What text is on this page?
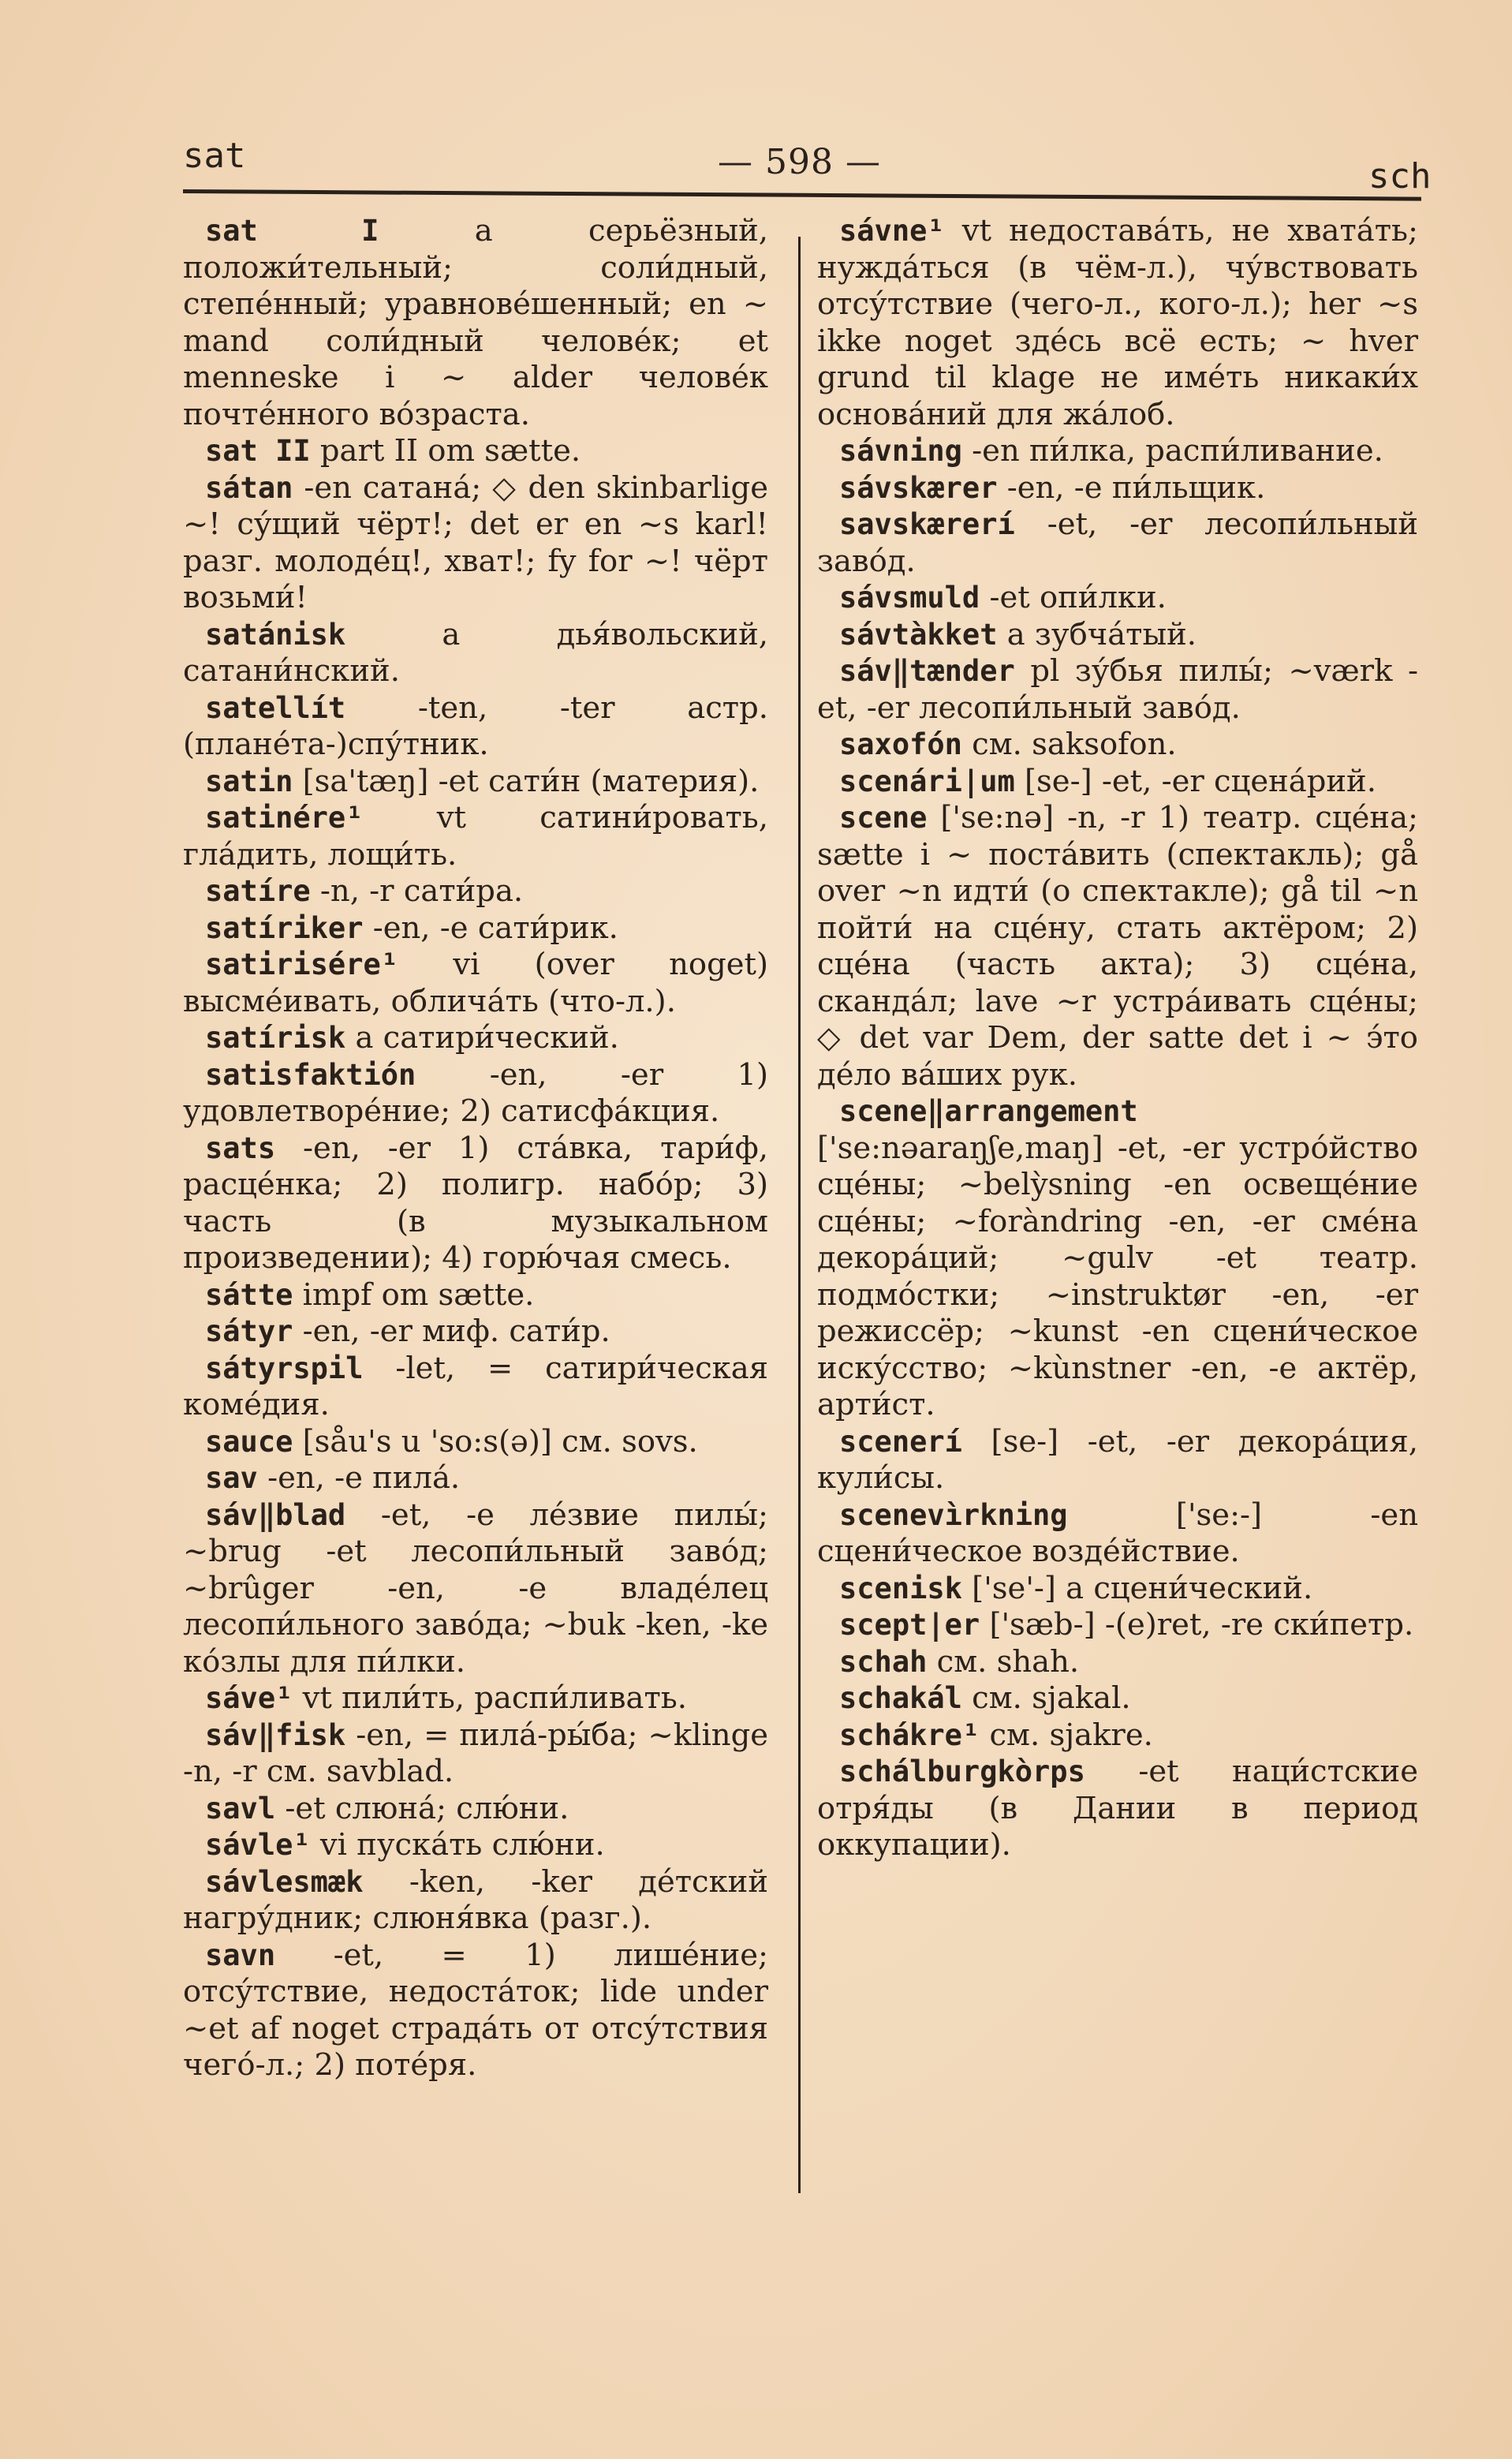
sat	— 598 —	sch

sat I a серьёзный, положи́тельный; соли́дный, степе́нный; уравнове́шенный; en ~ mand соли́дный челове́к; et menneske i ~ alder челове́к почте́нного во́зраста.

sat II part II om sætte.

sátan -en сатана́; ◇ den skinbarlige ~! су́щий чёрт!; det er en ~s karl! разг. молоде́ц!, хват!; fy for ~! чёрт возьми́!

satánisk a дья́вольский, сатани́нский.

satellít -ten, -ter астр. (плане́та-)спу́тник.

satin [sa'tæŋ] -et сати́н (материя).

satinére¹ vt сатини́ровать, гла́дить, лощи́ть.

satíre -n, -r сати́ра.

satíriker -en, -e сати́рик.

satirisére¹ vi (over noget) высме́ивать, облича́ть (что-л.).

satírisk a сатири́ческий.

satisfaktión -en, -er 1) удовлетворе́ние; 2) сатисфа́кция.

sats -en, -er 1) ста́вка, тари́ф, расце́нка; 2) полигр. набо́р; 3) часть (в музыкальном произведении); 4) горю́чая смесь.

sátte impf om sætte.

sátyr -en, -er миф. сати́р.

sátyrspil -let, = сатири́ческая коме́дия.

sauce [såu's u 'so:s(ə)] см. sovs.

sav -en, -e пила́.

sáv‖blad -et, -e ле́звие пилы́; ~brug -et лесопи́льный заво́д; ~brûger -en, -e владе́лец лесопи́льного заво́да; ~buk -ken, -ke ко́злы для пи́лки.

sáve¹ vt пили́ть, распи́ливать.

sáv‖fisk -en, = пила́-ры́ба; ~klinge -n, -r см. savblad.

savl -et слюна́; слю́ни.

sávle¹ vi пуска́ть слю́ни.

sávlesmæk -ken, -ker де́тский нагру́дник; слюня́вка (разг.).

savn -et, = 1) лише́ние; отсу́тствие, недоста́ток; lide under ~et af noget страда́ть от отсу́тствия чего́-л.; 2) поте́ря.

sávne¹ vt недостава́ть, не хвата́ть; нужда́ться (в чём-л.), чу́вствовать отсу́тствие (чего-л., кого-л.); her ~s ikke noget зде́сь всё есть; ~ hver grund til klage не име́ть никаки́х основа́ний для жа́лоб.

sávning -en пи́лка, распи́ливание.

sávskærer -en, -e пи́льщик.

savskærerí -et, -er лесопи́льный заво́д.

sávsmuld -et опи́лки.

sávtàkket a зубча́тый.

sáv‖tænder pl зу́бья пилы́; ~værk -et, -er лесопи́льный заво́д.

saxofón см. saksofon.

scenári|um [se-] -et, -er сцена́рий.

scene ['se:nə] -n, -r 1) театр. сце́на; sætte i ~ поста́вить (спектакль); gå over ~n идти́ (о спектакле); gå til ~n пойти́ на сце́ну, стать актёром; 2) сце́на (часть акта); 3) сце́на, сканда́л; lave ~r устра́ивать сце́ны; ◇ det var Dem, der satte det i ~ э́то де́ло ва́ших рук.

scene‖arrangement ['se:nəaraŋʃe,maŋ] -et, -er устро́йство сце́ны; ~belỳsning -en освеще́ние сце́ны; ~foràndring -en, -er сме́на декора́ций; ~gulv -et театр. подмо́стки; ~instruktør -en, -er режиссёр; ~kunst -en сцени́ческое иску́сство; ~kùnstner -en, -e актёр, арти́ст.

scenerí [se-] -et, -er декора́ция, кули́сы.

scenevìrkning ['se:-] -en сцени́ческое возде́йствие.

scenisk ['se'-] a сцени́ческий.

scept|er ['sæb-] -(e)ret, -re ски́петр.

schah см. shah.

schakál см. sjakal.

schákre¹ см. sjakre.

schálburgkòrps -et наци́стские отря́ды (в Дании в период оккупации).
